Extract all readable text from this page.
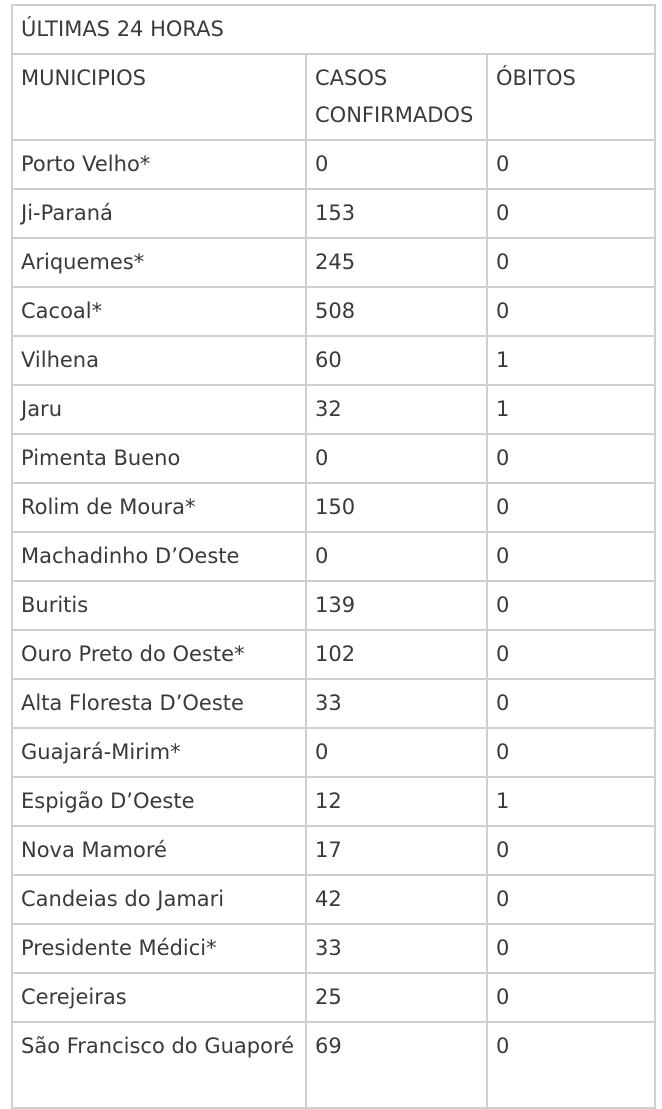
ÚLTIMAS 24 HORAS		
MUNICIPIOS	CASOS CONFIRMADOS	ÓBITOS
Porto Velho*	0	0
Ji-Paraná	153	0
Ariquemes*	245	0
Cacoal*	508	0
Vilhena	60	1
Jaru	32	1
Pimenta Bueno	0	0
Rolim de Moura*	150	0
Machadinho D’Oeste	0	0
Buritis	139	0
Ouro Preto do Oeste*	102	0
Alta Floresta D’Oeste	33	0
Guajará-Mirim*	0	0
Espigão D’Oeste	12	1
Nova Mamoré	17	0
Candeias do Jamari	42	0
Presidente Médici*	33	0
Cerejeiras	25	0
São Francisco do Guaporé	69	0
